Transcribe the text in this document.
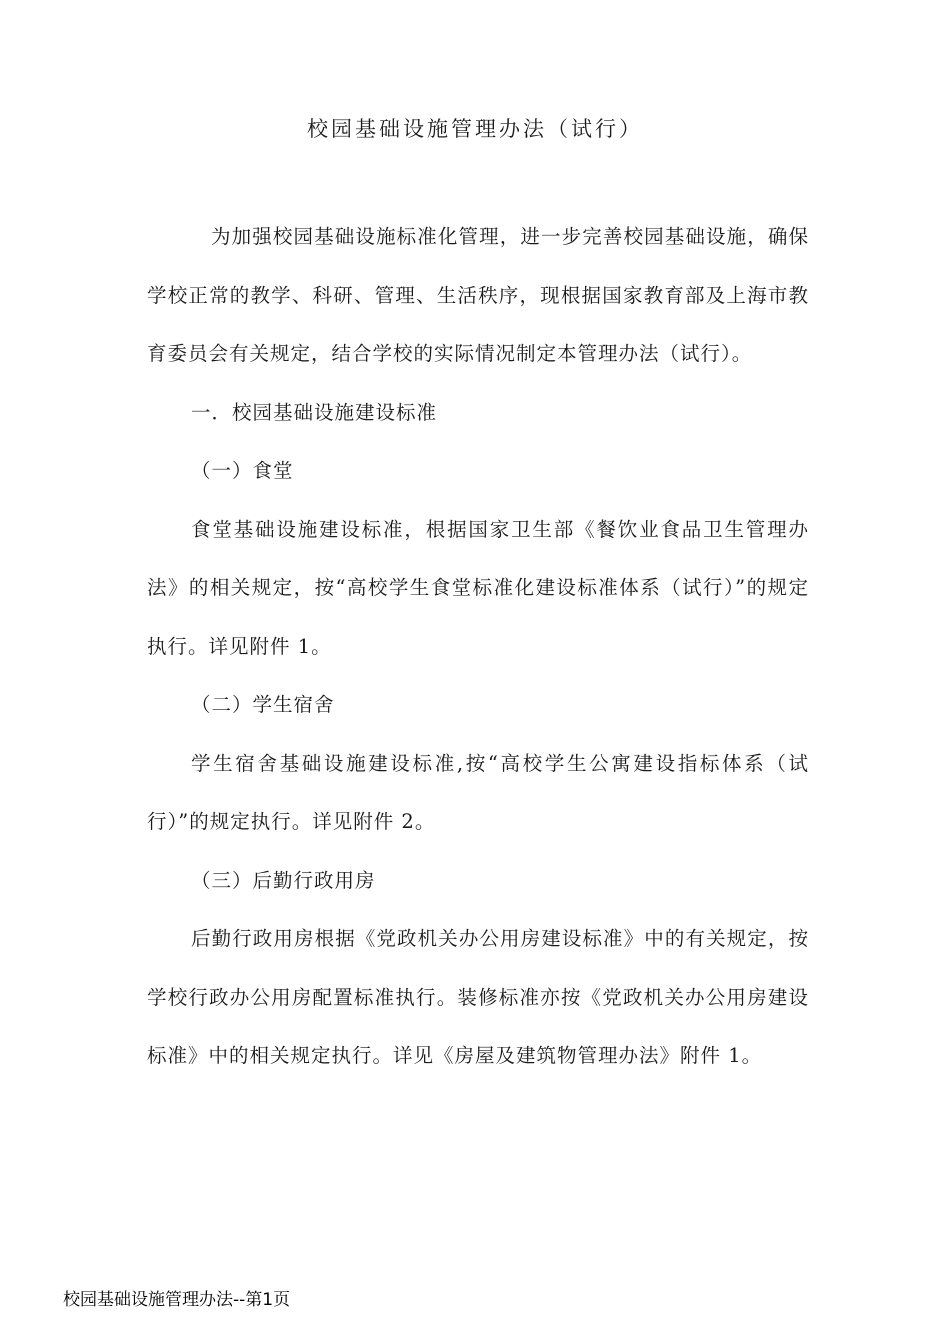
校园基础设施管理办法（试行）

为加强校园基础设施标准化管理，进一步完善校园基础设施，确保学校正常的教学、科研、管理、生活秩序，现根据国家教育部及上海市教育委员会有关规定，结合学校的实际情况制定本管理办法（试行）。

一．校园基础设施建设标准

（一）食堂

食堂基础设施建设标准，根据国家卫生部《餐饮业食品卫生管理办法》的相关规定，按“高校学生食堂标准化建设标准体系（试行）”的规定执行。详见附件 1。

（二）学生宿舍

学生宿舍基础设施建设标准,按“高校学生公寓建设指标体系（试行）”的规定执行。详见附件 2。

（三）后勤行政用房

后勤行政用房根据《党政机关办公用房建设标准》中的有关规定，按学校行政办公用房配置标准执行。装修标准亦按《党政机关办公用房建设标准》中的相关规定执行。详见《房屋及建筑物管理办法》附件 1。

校园基础设施管理办法--第1页
